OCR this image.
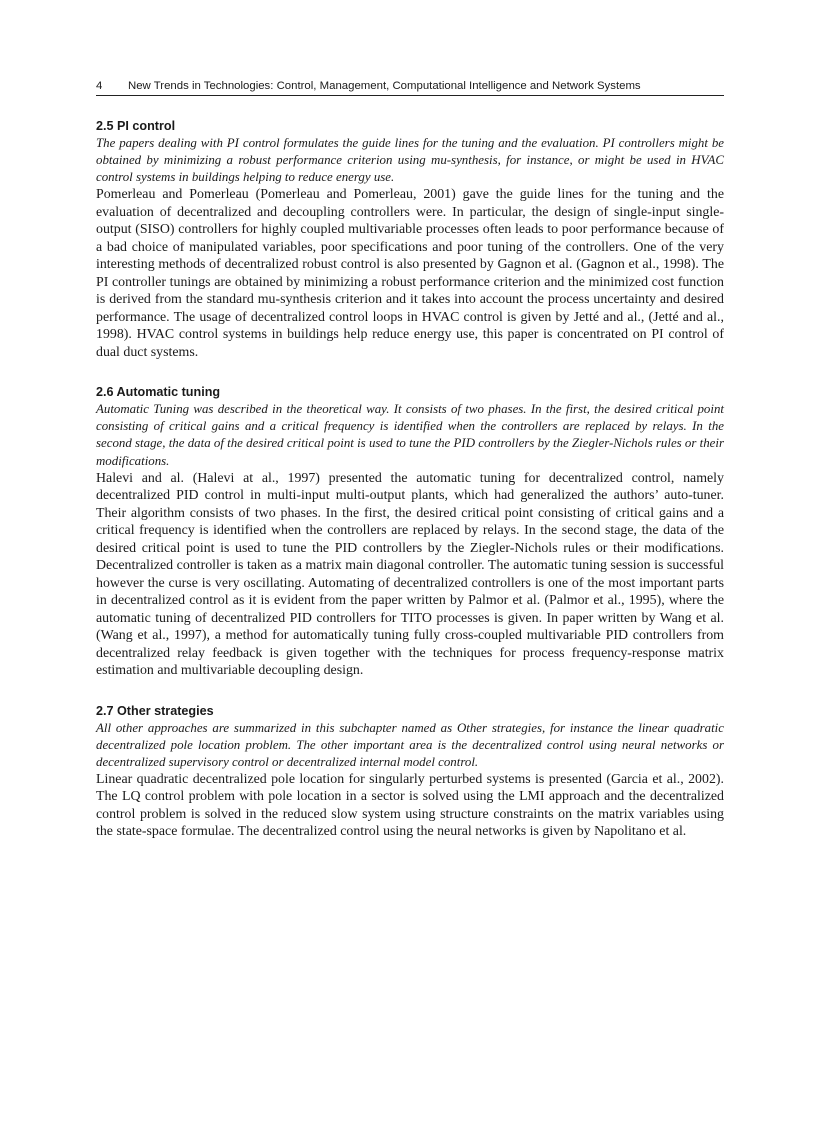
4 New Trends in Technologies: Control, Management, Computational Intelligence and Network Systems
2.5 PI control

The papers dealing with PI control formulates the guide lines for the tuning and the evaluation. PI controllers might be obtained by minimizing a robust performance criterion using mu-synthesis, for instance, or might be used in HVAC control systems in buildings helping to reduce energy use.

Pomerleau and Pomerleau (Pomerleau and Pomerleau, 2001) gave the guide lines for the tuning and the evaluation of decentralized and decoupling controllers were. In particular, the design of single-input single-output (SISO) controllers for highly coupled multivariable processes often leads to poor performance because of a bad choice of manipulated variables, poor specifications and poor tuning of the controllers. One of the very interesting methods of decentralized robust control is also presented by Gagnon et al. (Gagnon et al., 1998). The PI controller tunings are obtained by minimizing a robust performance criterion and the minimized cost function is derived from the standard mu-synthesis criterion and it takes into account the process uncertainty and desired performance. The usage of decentralized control loops in HVAC control is given by Jetté and al., (Jetté and al., 1998). HVAC control systems in buildings help reduce energy use, this paper is concentrated on PI control of dual duct systems.

2.6 Automatic tuning

Automatic Tuning was described in the theoretical way. It consists of two phases. In the first, the desired critical point consisting of critical gains and a critical frequency is identified when the controllers are replaced by relays. In the second stage, the data of the desired critical point is used to tune the PID controllers by the Ziegler-Nichols rules or their modifications.

Halevi and al. (Halevi at al., 1997) presented the automatic tuning for decentralized control, namely decentralized PID control in multi-input multi-output plants, which had generalized the authors’ auto-tuner. Their algorithm consists of two phases. In the first, the desired critical point consisting of critical gains and a critical frequency is identified when the controllers are replaced by relays. In the second stage, the data of the desired critical point is used to tune the PID controllers by the Ziegler-Nichols rules or their modifications. Decentralized controller is taken as a matrix main diagonal controller. The automatic tuning session is successful however the curse is very oscillating. Automating of decentralized controllers is one of the most important parts in decentralized control as it is evident from the paper written by Palmor et al. (Palmor et al., 1995), where the automatic tuning of decentralized PID controllers for TITO processes is given. In paper written by Wang et al. (Wang et al., 1997), a method for automatically tuning fully cross-coupled multivariable PID controllers from decentralized relay feedback is given together with the techniques for process frequency-response matrix estimation and multivariable decoupling design.

2.7 Other strategies

All other approaches are summarized in this subchapter named as Other strategies, for instance the linear quadratic decentralized pole location problem. The other important area is the decentralized control using neural networks or decentralized supervisory control or decentralized internal model control.

Linear quadratic decentralized pole location for singularly perturbed systems is presented (Garcia et al., 2002). The LQ control problem with pole location in a sector is solved using the LMI approach and the decentralized control problem is solved in the reduced slow system using structure constraints on the matrix variables using the state-space formulae. The decentralized control using the neural networks is given by Napolitano et al.
